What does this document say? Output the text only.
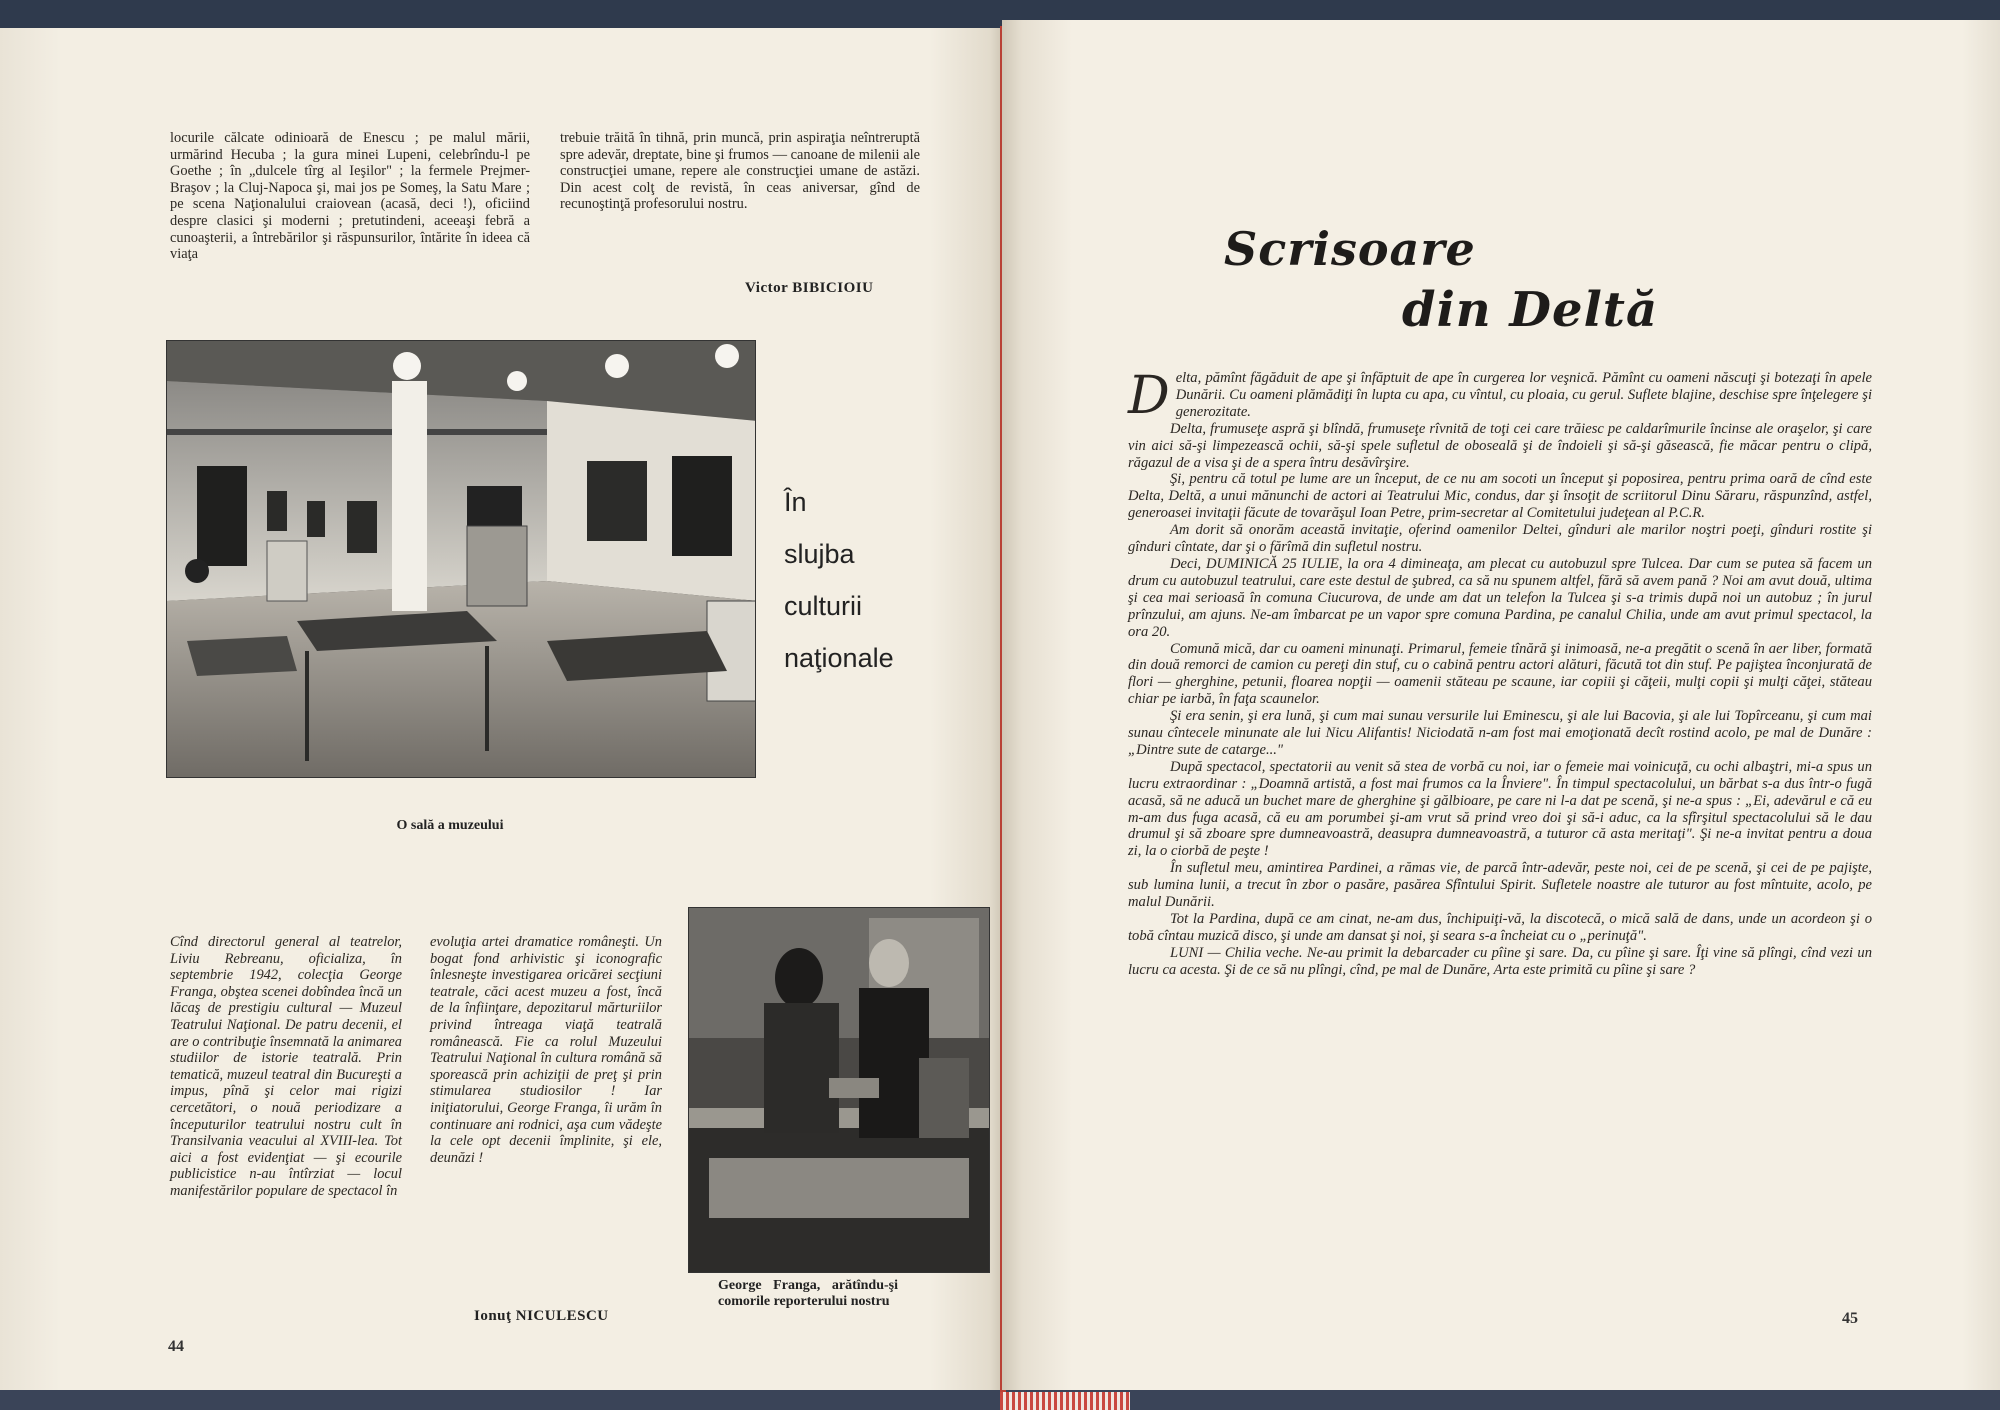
locurile călcate odinioară de Enescu ; pe malul mării, urmărind Hecuba ; la gura minei Lupeni, celebrîndu-l pe Goethe ; în „dulcele tîrg al Ieşilor" ; la fermele Prejmer-Braşov ; la Cluj-Napoca şi, mai jos pe Someş, la Satu Mare ; pe scena Naţionalului craiovean (acasă, deci !), oficiind despre clasici şi moderni ; pretutindeni, aceeaşi febră a cunoaşterii, a întrebărilor şi răspunsurilor, întărite în ideea că viaţa
trebuie trăită în tihnă, prin muncă, prin aspiraţia neîntreruptă spre adevăr, dreptate, bine şi frumos — canoane de milenii ale construcţiei umane, repere ale construcţiei umane de astăzi. Din acest colţ de revistă, în ceas aniversar, gînd de recunoştinţă profesorului nostru.
Victor BIBICIOIU
O sală a muzeului
În
slujba
culturii
naţionale
Cînd directorul general al teatrelor, Liviu Rebreanu, oficializa, în septembrie 1942, colecţia George Franga, obştea scenei dobîndea încă un lăcaş de prestigiu cultural — Muzeul Teatrului Naţional. De patru decenii, el are o contribuţie însemnată la animarea studiilor de istorie teatrală. Prin tematică, muzeul teatral din Bucureşti a impus, pînă şi celor mai rigizi cercetători, o nouă periodizare a începuturilor teatrului nostru cult în Transilvania veacului al XVIII-lea. Tot aici a fost evidenţiat — şi ecourile publicistice n-au întîrziat — locul manifestărilor populare de spectacol în
evoluţia artei dramatice româneşti. Un bogat fond arhivistic şi iconografic înlesneşte investigarea oricărei secţiuni teatrale, căci acest muzeu a fost, încă de la înfiinţare, depozitarul mărturiilor privind întreaga viaţă teatrală românească. Fie ca rolul Muzeului Teatrului Naţional în cultura română să sporească prin achiziţii de preţ şi prin stimularea studiosilor ! Iar iniţiatorului, George Franga, îi urăm în continuare ani rodnici, aşa cum vădeşte la cele opt decenii împlinite, şi ele, deunăzi !
Ionuţ NICULESCU
George Franga, arătîndu-şi comorile reporterului nostru
44
Scrisoare
din Deltă

Delta, pămînt făgăduit de ape şi înfăptuit de ape în curgerea lor veşnică. Pămînt cu oameni născuţi şi botezaţi în apele Dunării. Cu oameni plămădiţi în lupta cu apa, cu vîntul, cu ploaia, cu gerul. Suflete blajine, deschise spre înţelegere şi generozitate.

Delta, frumuseţe aspră şi blîndă, frumuseţe rîvnită de toţi cei care trăiesc pe caldarîmurile încinse ale oraşelor, şi care vin aici să-şi limpezească ochii, să-şi spele sufletul de oboseală şi de îndoieli şi să-şi găsească, fie măcar pentru o clipă, răgazul de a visa şi de a spera întru desăvîrşire.

Şi, pentru că totul pe lume are un început, de ce nu am socoti un început şi poposirea, pentru prima oară de cînd este Delta, Deltă, a unui mănunchi de actori ai Teatrului Mic, condus, dar şi însoţit de scriitorul Dinu Săraru, răspunzînd, astfel, generoasei invitaţii făcute de tovarăşul Ioan Petre, prim-secretar al Comitetului judeţean al P.C.R.

Am dorit să onorăm această invitaţie, oferind oamenilor Deltei, gînduri ale marilor noştri poeţi, gînduri rostite şi gînduri cîntate, dar şi o fărîmă din sufletul nostru.

Deci, DUMINICĂ 25 IULIE, la ora 4 dimineaţa, am plecat cu autobuzul spre Tulcea. Dar cum se putea să facem un drum cu autobuzul teatrului, care este destul de şubred, ca să nu spunem altfel, fără să avem pană ? Noi am avut două, ultima şi cea mai serioasă în comuna Ciucurova, de unde am dat un telefon la Tulcea şi s-a trimis după noi un autobuz ; în jurul prînzului, am ajuns. Ne-am îmbarcat pe un vapor spre comuna Pardina, pe canalul Chilia, unde am avut primul spectacol, la ora 20.

Comună mică, dar cu oameni minunaţi. Primarul, femeie tînără şi inimoasă, ne-a pregătit o scenă în aer liber, formată din două remorci de camion cu pereţi din stuf, cu o cabină pentru actori alături, făcută tot din stuf. Pe pajiştea înconjurată de flori — gherghine, petunii, floarea nopţii — oamenii stăteau pe scaune, iar copiii şi căţeii, mulţi copii şi mulţi căţei, stăteau chiar pe iarbă, în faţa scaunelor.

Şi era senin, şi era lună, şi cum mai sunau versurile lui Eminescu, şi ale lui Bacovia, şi ale lui Topîrceanu, şi cum mai sunau cîntecele minunate ale lui Nicu Alifantis! Niciodată n-am fost mai emoţionată decît rostind acolo, pe mal de Dunăre : „Dintre sute de catarge..."

După spectacol, spectatorii au venit să stea de vorbă cu noi, iar o femeie mai voinicuţă, cu ochi albaştri, mi-a spus un lucru extraordinar : „Doamnă artistă, a fost mai frumos ca la Înviere". În timpul spectacolului, un bărbat s-a dus într-o fugă acasă, să ne aducă un buchet mare de gherghine şi gălbioare, pe care ni l-a dat pe scenă, şi ne-a spus : „Ei, adevărul e că eu m-am dus fuga acasă, că eu am porumbei şi-am vrut să prind vreo doi şi să-i aduc, ca la sfîrşitul spectacolului să le dau drumul şi să zboare spre dumneavoastră, deasupra dumneavoastră, a tuturor că asta meritaţi". Şi ne-a invitat pentru a doua zi, la o ciorbă de peşte !

În sufletul meu, amintirea Pardinei, a rămas vie, de parcă într-adevăr, peste noi, cei de pe scenă, şi cei de pe pajişte, sub lumina lunii, a trecut în zbor o pasăre, pasărea Sfîntului Spirit. Sufletele noastre ale tuturor au fost mîntuite, acolo, pe malul Dunării.

Tot la Pardina, după ce am cinat, ne-am dus, închipuiţi-vă, la discotecă, o mică sală de dans, unde un acordeon şi o tobă cîntau muzică disco, şi unde am dansat şi noi, şi seara s-a încheiat cu o „perinuţă".

LUNI — Chilia veche. Ne-au primit la debarcader cu pîine şi sare. Da, cu pîine şi sare. Îţi vine să plîngi, cînd vezi un lucru ca acesta. Şi de ce să nu plîngi, cînd, pe mal de Dunăre, Arta este primită cu pîine şi sare ?

45
